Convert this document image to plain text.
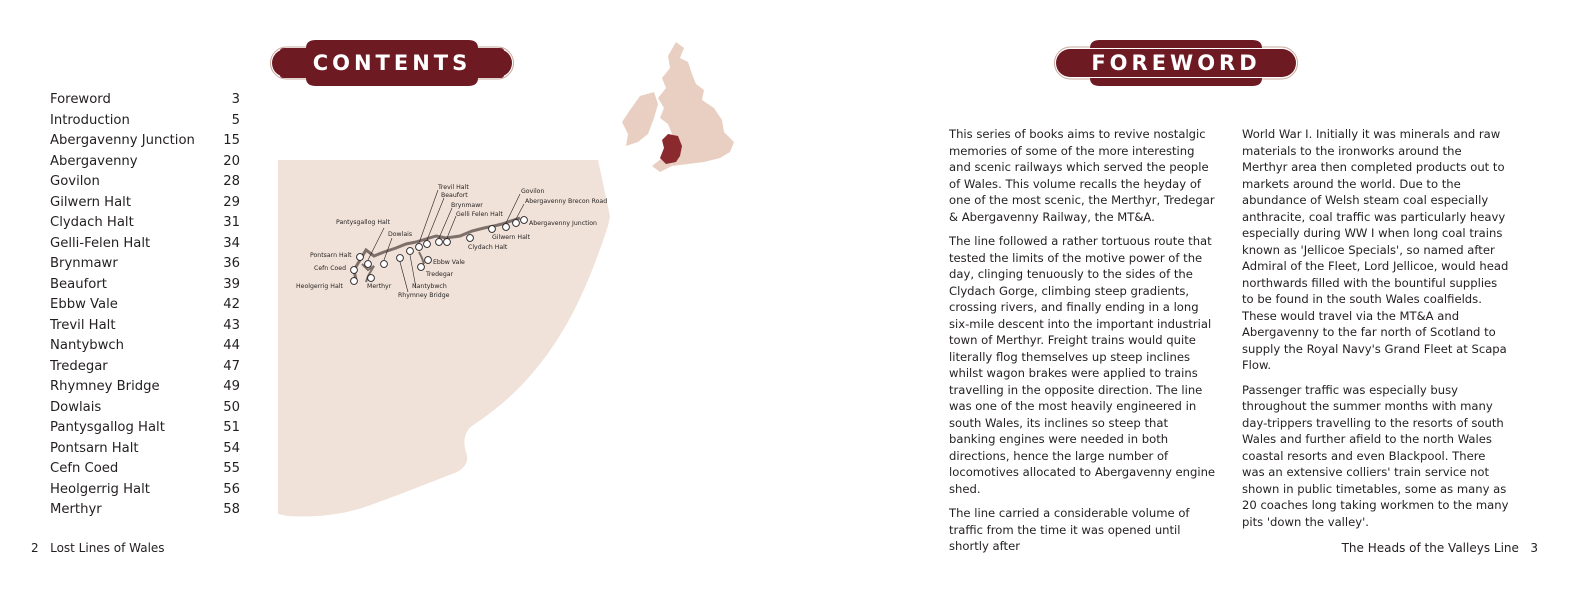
CONTENTS
Foreword	3
Introduction	5
Abergavenny Junction 15
Abergavenny	20
Govilon	28
Gilwern Halt	29
Clydach Halt	31
Gelli-Felen Halt	34
Brynmawr	36
Beaufort	39
Ebbw Vale	42
Trevil Halt	43
Nantybwch	44
Tredegar	47
Rhymney Bridge	49
Dowlais	50
Pantysgallog Halt	51
Pontsarn Halt	54
Cefn Coed	55
Heolgerrig Halt	56
Merthyr	58
Trevil Halt
Beaufort
Brynmawr
Gelli Felen Halt
Govilon
Abergavenny Brecon Road
Abergavenny Junction
Gilwern Halt
Clydach Halt
Pantysgallog Halt
Dowlais
Pontsarn Halt
Cefn Coed
Heolgerrig Halt	Merthyr
Ebbw Vale
Tredegar
Nantybwch
Rhymney Bridge
2 Lost Lines of Wales
FOREWORD

This series of books aims to revive nostalgic memories of some of the more interesting and scenic railways which served the people of Wales. This volume recalls the heyday of one of the most scenic, the Merthyr, Tredegar & Abergavenny Railway, the MT&A.

The line followed a rather tortuous route that tested the limits of the motive power of the day, clinging tenuously to the sides of the Clydach Gorge, climbing steep gradients, crossing rivers, and finally ending in a long six-mile descent into the important industrial town of Merthyr. Freight trains would quite literally flog themselves up steep inclines whilst wagon brakes were applied to trains travelling in the opposite direction. The line was one of the most heavily engineered in south Wales, its inclines so steep that banking engines were needed in both directions, hence the large number of locomotives allocated to Abergavenny engine shed.

The line carried a considerable volume of traffic from the time it was opened until shortly after

World War I. Initially it was minerals and raw materials to the ironworks around the Merthyr area then completed products out to markets around the world. Due to the abundance of Welsh steam coal especially anthracite, coal traffic was particularly heavy especially during WW I when long coal trains known as 'Jellicoe Specials', so named after Admiral of the Fleet, Lord Jellicoe, would head northwards filled with the bountiful supplies to be found in the south Wales coalfields. These would travel via the MT&A and Abergavenny to the far north of Scotland to supply the Royal Navy's Grand Fleet at Scapa Flow.

Passenger traffic was especially busy throughout the summer months with many day-trippers travelling to the resorts of south Wales and further afield to the north Wales coastal resorts and even Blackpool. There was an extensive colliers' train service not shown in public timetables, some as many as 20 coaches long taking workmen to the many pits 'down the valley'.

The Heads of the Valleys Line 3
